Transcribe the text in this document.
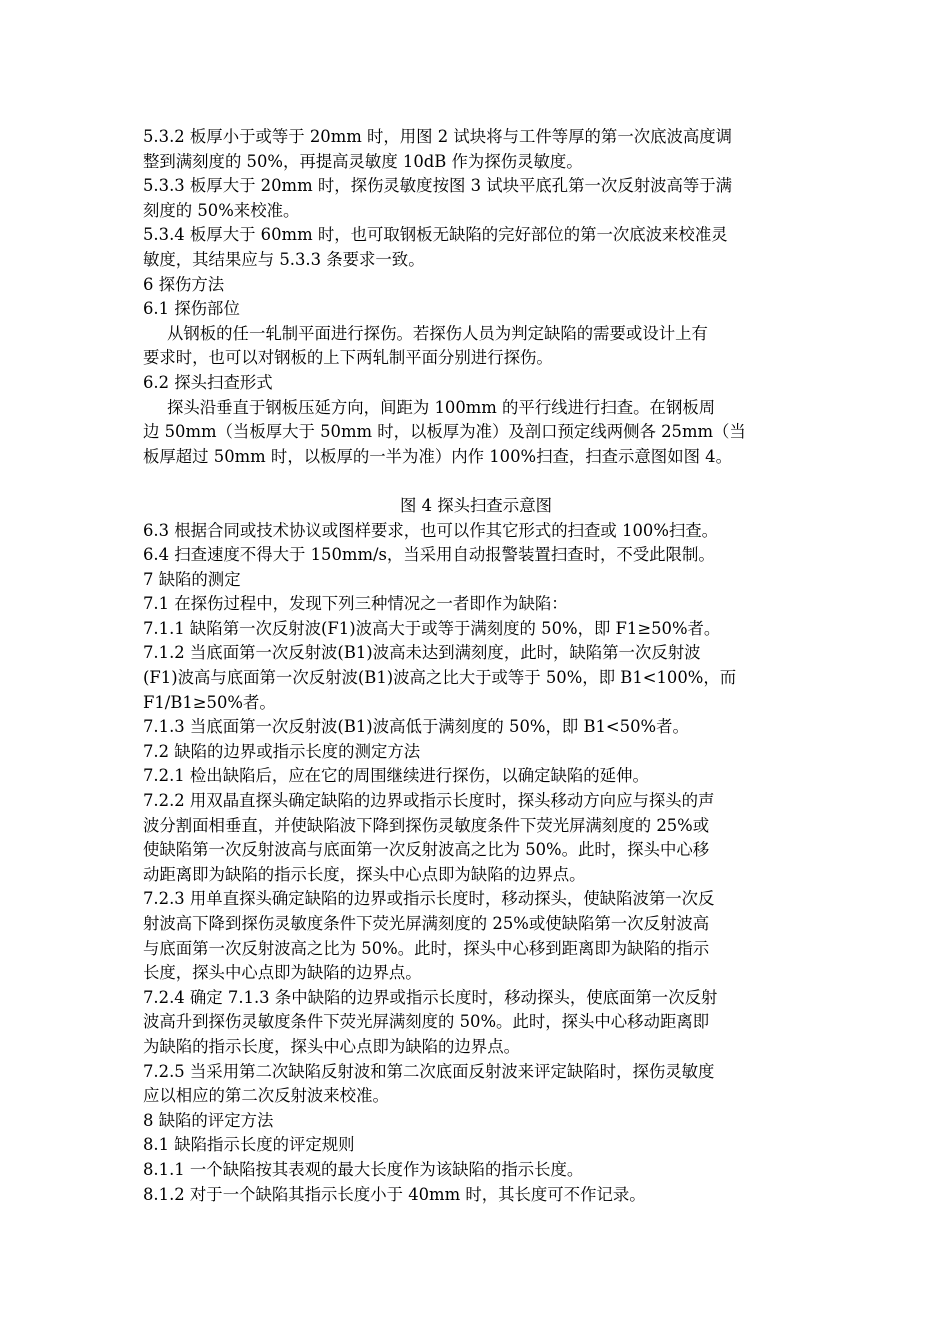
5.3.2 板厚小于或等于 20mm 时，用图 2 试块将与工件等厚的第一次底波高度调
整到满刻度的 50%，再提高灵敏度 10dB 作为探伤灵敏度。
5.3.3 板厚大于 20mm 时，探伤灵敏度按图 3 试块平底孔第一次反射波高等于满
刻度的 50%来校准。
5.3.4 板厚大于 60mm 时，也可取钢板无缺陷的完好部位的第一次底波来校准灵
敏度，其结果应与 5.3.3 条要求一致。
6 探伤方法
6.1 探伤部位
从钢板的任一轧制平面进行探伤。若探伤人员为判定缺陷的需要或设计上有
要求时，也可以对钢板的上下两轧制平面分别进行探伤。
6.2 探头扫查形式
探头沿垂直于钢板压延方向，间距为 100mm 的平行线进行扫查。在钢板周
边 50mm（当板厚大于 50mm 时，以板厚为准）及剖口预定线两侧各 25mm（当
板厚超过 50mm 时，以板厚的一半为准）内作 100%扫查，扫查示意图如图 4。
图 4 探头扫查示意图
6.3 根据合同或技术协议或图样要求，也可以作其它形式的扫查或 100%扫查。
6.4 扫查速度不得大于 150mm/s，当采用自动报警装置扫查时，不受此限制。
7 缺陷的测定
7.1 在探伤过程中，发现下列三种情况之一者即作为缺陷：
7.1.1 缺陷第一次反射波(F1)波高大于或等于满刻度的 50%，即 F1≥50%者。
7.1.2 当底面第一次反射波(B1)波高未达到满刻度，此时，缺陷第一次反射波
(F1)波高与底面第一次反射波(B1)波高之比大于或等于 50%，即 B1<100%，而
F1/B1≥50%者。
7.1.3 当底面第一次反射波(B1)波高低于满刻度的 50%，即 B1<50%者。
7.2 缺陷的边界或指示长度的测定方法
7.2.1 检出缺陷后，应在它的周围继续进行探伤，以确定缺陷的延伸。
7.2.2 用双晶直探头确定缺陷的边界或指示长度时，探头移动方向应与探头的声
波分割面相垂直，并使缺陷波下降到探伤灵敏度条件下荧光屏满刻度的 25%或
使缺陷第一次反射波高与底面第一次反射波高之比为 50%。此时，探头中心移
动距离即为缺陷的指示长度，探头中心点即为缺陷的边界点。
7.2.3 用单直探头确定缺陷的边界或指示长度时，移动探头，使缺陷波第一次反
射波高下降到探伤灵敏度条件下荧光屏满刻度的 25%或使缺陷第一次反射波高
与底面第一次反射波高之比为 50%。此时，探头中心移到距离即为缺陷的指示
长度，探头中心点即为缺陷的边界点。
7.2.4 确定 7.1.3 条中缺陷的边界或指示长度时，移动探头，使底面第一次反射
波高升到探伤灵敏度条件下荧光屏满刻度的 50%。此时，探头中心移动距离即
为缺陷的指示长度，探头中心点即为缺陷的边界点。
7.2.5 当采用第二次缺陷反射波和第二次底面反射波来评定缺陷时，探伤灵敏度
应以相应的第二次反射波来校准。
8 缺陷的评定方法
8.1 缺陷指示长度的评定规则
8.1.1 一个缺陷按其表观的最大长度作为该缺陷的指示长度。
8.1.2 对于一个缺陷其指示长度小于 40mm 时，其长度可不作记录。
